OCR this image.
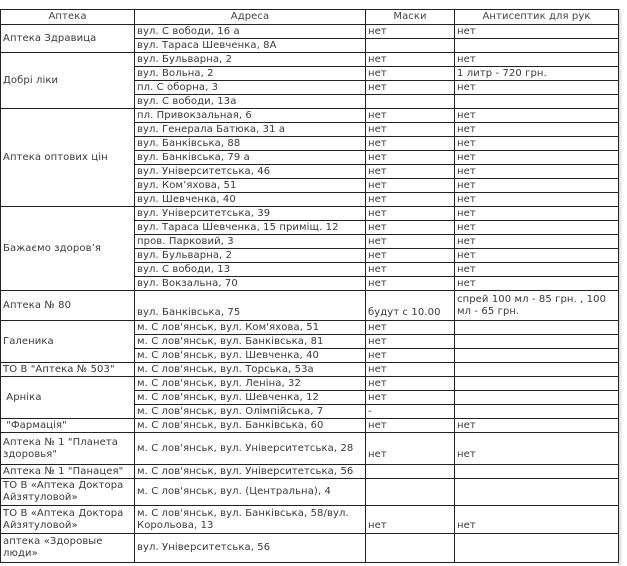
Аптека	Адреса	Маски	Антисептик для рук
Аптека Здравица	вул. С вободи, 16 а	нет	нет
	вул. Тараса Шевченка, 8А		
Добрі ліки	вул. Бульварна, 2	нет	нет
	вул. Вольна, 2	нет	1 литр - 720 грн.
	пл. С оборна, 3	нет	нет
	вул. С вободи, 13а		
Аптека оптових цін	пл. Привокзальная, 6	нет	нет
	вул. Генерала Батюка, 31 а	нет	нет
	вул. Банківська, 88	нет	нет
	вул. Банківська, 79 а	нет	нет
	вул. Університетська, 46	нет	нет
	вул. Ком’яхова, 51	нет	нет
	вул. Шевченка, 40	нет	нет
Бажаємо здоров’я	вул. Університетська, 39	нет	нет
	вул. Тараса Шевченка, 15 приміщ. 12	нет	нет
	пров. Парковий, 3	нет	нет
	вул. Бульварна, 2	нет	нет
	вул. С вободи, 13	нет	нет
	вул. Вокзальна, 70	нет	нет
Аптека № 80	вул. Банківська, 75	будут с 10.00	спрей 100 мл - 85 грн. , 100 мл - 65 грн.
Галеника	м. С лов'янськ, вул. Ком'яхова, 51	нет	
	м. С лов'янськ, вул. Банківська, 81	нет	
	м. С лов'янськ, вул. Шевченка, 40	нет	
ТО В "Аптека № 503"	м. С лов'янськ, вул. Торська, 53а	нет	
Арніка	м. С лов'янськ, вул. Леніна, 32	нет	
	м. С лов'янськ, вул. Шевченка, 12	нет	
	м. С лов'янськ, вул. Олімпійська, 7	-	
"Фармація"	м. С лов'янськ, вул. Банківська, 60	нет	нет
Аптека № 1 "Планета здоровья"	м. С лов'янськ, вул. Університетська, 28	нет	нет
Аптека № 1 "Панацея"	м. С лов'янськ, вул. Університетська, 56		
ТО В «Аптека Доктора Айзятуловой»	м. С лов'янськ, вул. (Центральна), 4		
ТО В «Аптека Доктора Айзятуловой»	м. С лов'янськ, вул. Банківська, 58/вул. Корольова, 13	нет	нет
аптека «Здоровые люди»	вул. Університетська, 56		
